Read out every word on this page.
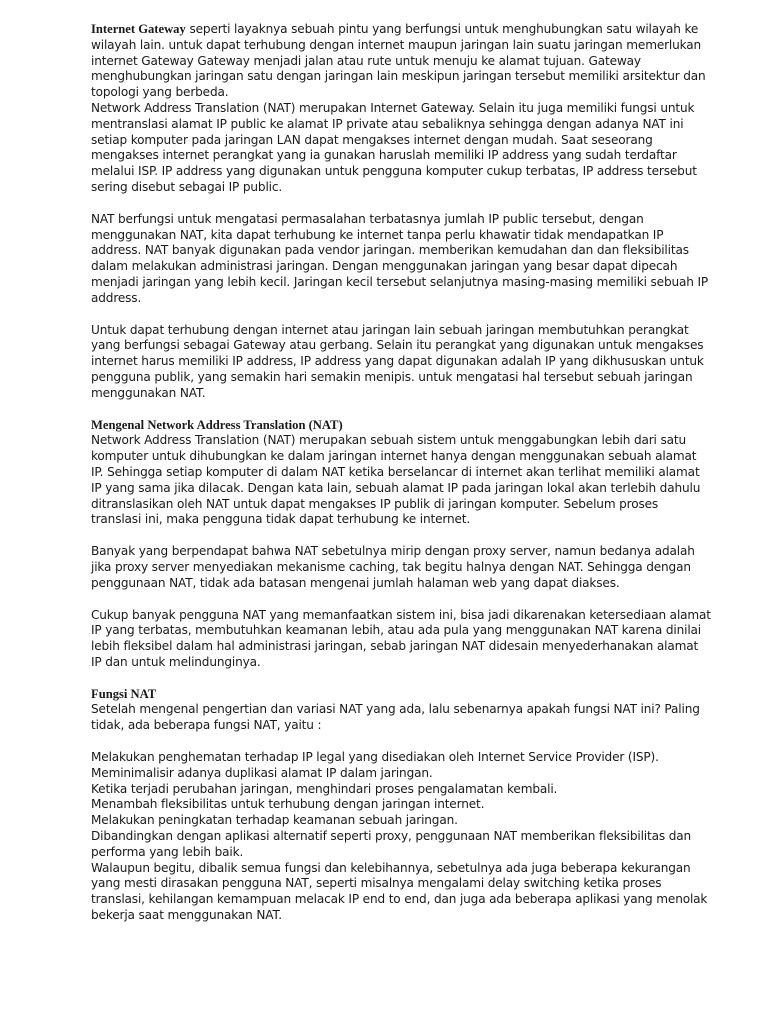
Internet Gateway seperti layaknya sebuah pintu yang berfungsi untuk menghubungkan satu wilayah ke wilayah lain. untuk dapat terhubung dengan internet maupun jaringan lain suatu jaringan memerlukan internet Gateway Gateway menjadi jalan atau rute untuk menuju ke alamat tujuan. Gateway menghubungkan jaringan satu dengan jaringan lain meskipun jaringan tersebut memiliki arsitektur dan topologi yang berbeda.

Network Address Translation (NAT) merupakan Internet Gateway. Selain itu juga memiliki fungsi untuk mentranslasi alamat IP public ke alamat IP private atau sebaliknya sehingga dengan adanya NAT ini setiap komputer pada jaringan LAN dapat mengakses internet dengan mudah. Saat seseorang mengakses internet perangkat yang ia gunakan haruslah memiliki IP address yang sudah terdaftar melalui ISP. IP address yang digunakan untuk pengguna komputer cukup terbatas, IP address tersebut sering disebut sebagai IP public.

NAT berfungsi untuk mengatasi permasalahan terbatasnya jumlah IP public tersebut, dengan menggunakan NAT, kita dapat terhubung ke internet tanpa perlu khawatir tidak mendapatkan IP address. NAT banyak digunakan pada vendor jaringan. memberikan kemudahan dan dan fleksibilitas dalam melakukan administrasi jaringan. Dengan menggunakan jaringan yang besar dapat dipecah menjadi jaringan yang lebih kecil. Jaringan kecil tersebut selanjutnya masing-masing memiliki sebuah IP address.

Untuk dapat terhubung dengan internet atau jaringan lain sebuah jaringan membutuhkan perangkat yang berfungsi sebagai Gateway atau gerbang. Selain itu perangkat yang digunakan untuk mengakses internet harus memiliki IP address, IP address yang dapat digunakan adalah IP yang dikhususkan untuk pengguna publik, yang semakin hari semakin menipis. untuk mengatasi hal tersebut sebuah jaringan menggunakan NAT.

Mengenal Network Address Translation (NAT)

Network Address Translation (NAT) merupakan sebuah sistem untuk menggabungkan lebih dari satu komputer untuk dihubungkan ke dalam jaringan internet hanya dengan menggunakan sebuah alamat IP. Sehingga setiap komputer di dalam NAT ketika berselancar di internet akan terlihat memiliki alamat IP yang sama jika dilacak. Dengan kata lain, sebuah alamat IP pada jaringan lokal akan terlebih dahulu ditranslasikan oleh NAT untuk dapat mengakses IP publik di jaringan komputer. Sebelum proses translasi ini, maka pengguna tidak dapat terhubung ke internet.

Banyak yang berpendapat bahwa NAT sebetulnya mirip dengan proxy server, namun bedanya adalah jika proxy server menyediakan mekanisme caching, tak begitu halnya dengan NAT. Sehingga dengan penggunaan NAT, tidak ada batasan mengenai jumlah halaman web yang dapat diakses.

Cukup banyak pengguna NAT yang memanfaatkan sistem ini, bisa jadi dikarenakan ketersediaan alamat IP yang terbatas, membutuhkan keamanan lebih, atau ada pula yang menggunakan NAT karena dinilai lebih fleksibel dalam hal administrasi jaringan, sebab jaringan NAT didesain menyederhanakan alamat IP dan untuk melindunginya.

Fungsi NAT

Setelah mengenal pengertian dan variasi NAT yang ada, lalu sebenarnya apakah fungsi NAT ini? Paling tidak, ada beberapa fungsi NAT, yaitu :

Melakukan penghematan terhadap IP legal yang disediakan oleh Internet Service Provider (ISP).
Meminimalisir adanya duplikasi alamat IP dalam jaringan.
Ketika terjadi perubahan jaringan, menghindari proses pengalamatan kembali.
Menambah fleksibilitas untuk terhubung dengan jaringan internet.
Melakukan peningkatan terhadap keamanan sebuah jaringan.
Dibandingkan dengan aplikasi alternatif seperti proxy, penggunaan NAT memberikan fleksibilitas dan performa yang lebih baik.
Walaupun begitu, dibalik semua fungsi dan kelebihannya, sebetulnya ada juga beberapa kekurangan yang mesti dirasakan pengguna NAT, seperti misalnya mengalami delay switching ketika proses translasi, kehilangan kemampuan melacak IP end to end, dan juga ada beberapa aplikasi yang menolak bekerja saat menggunakan NAT.
